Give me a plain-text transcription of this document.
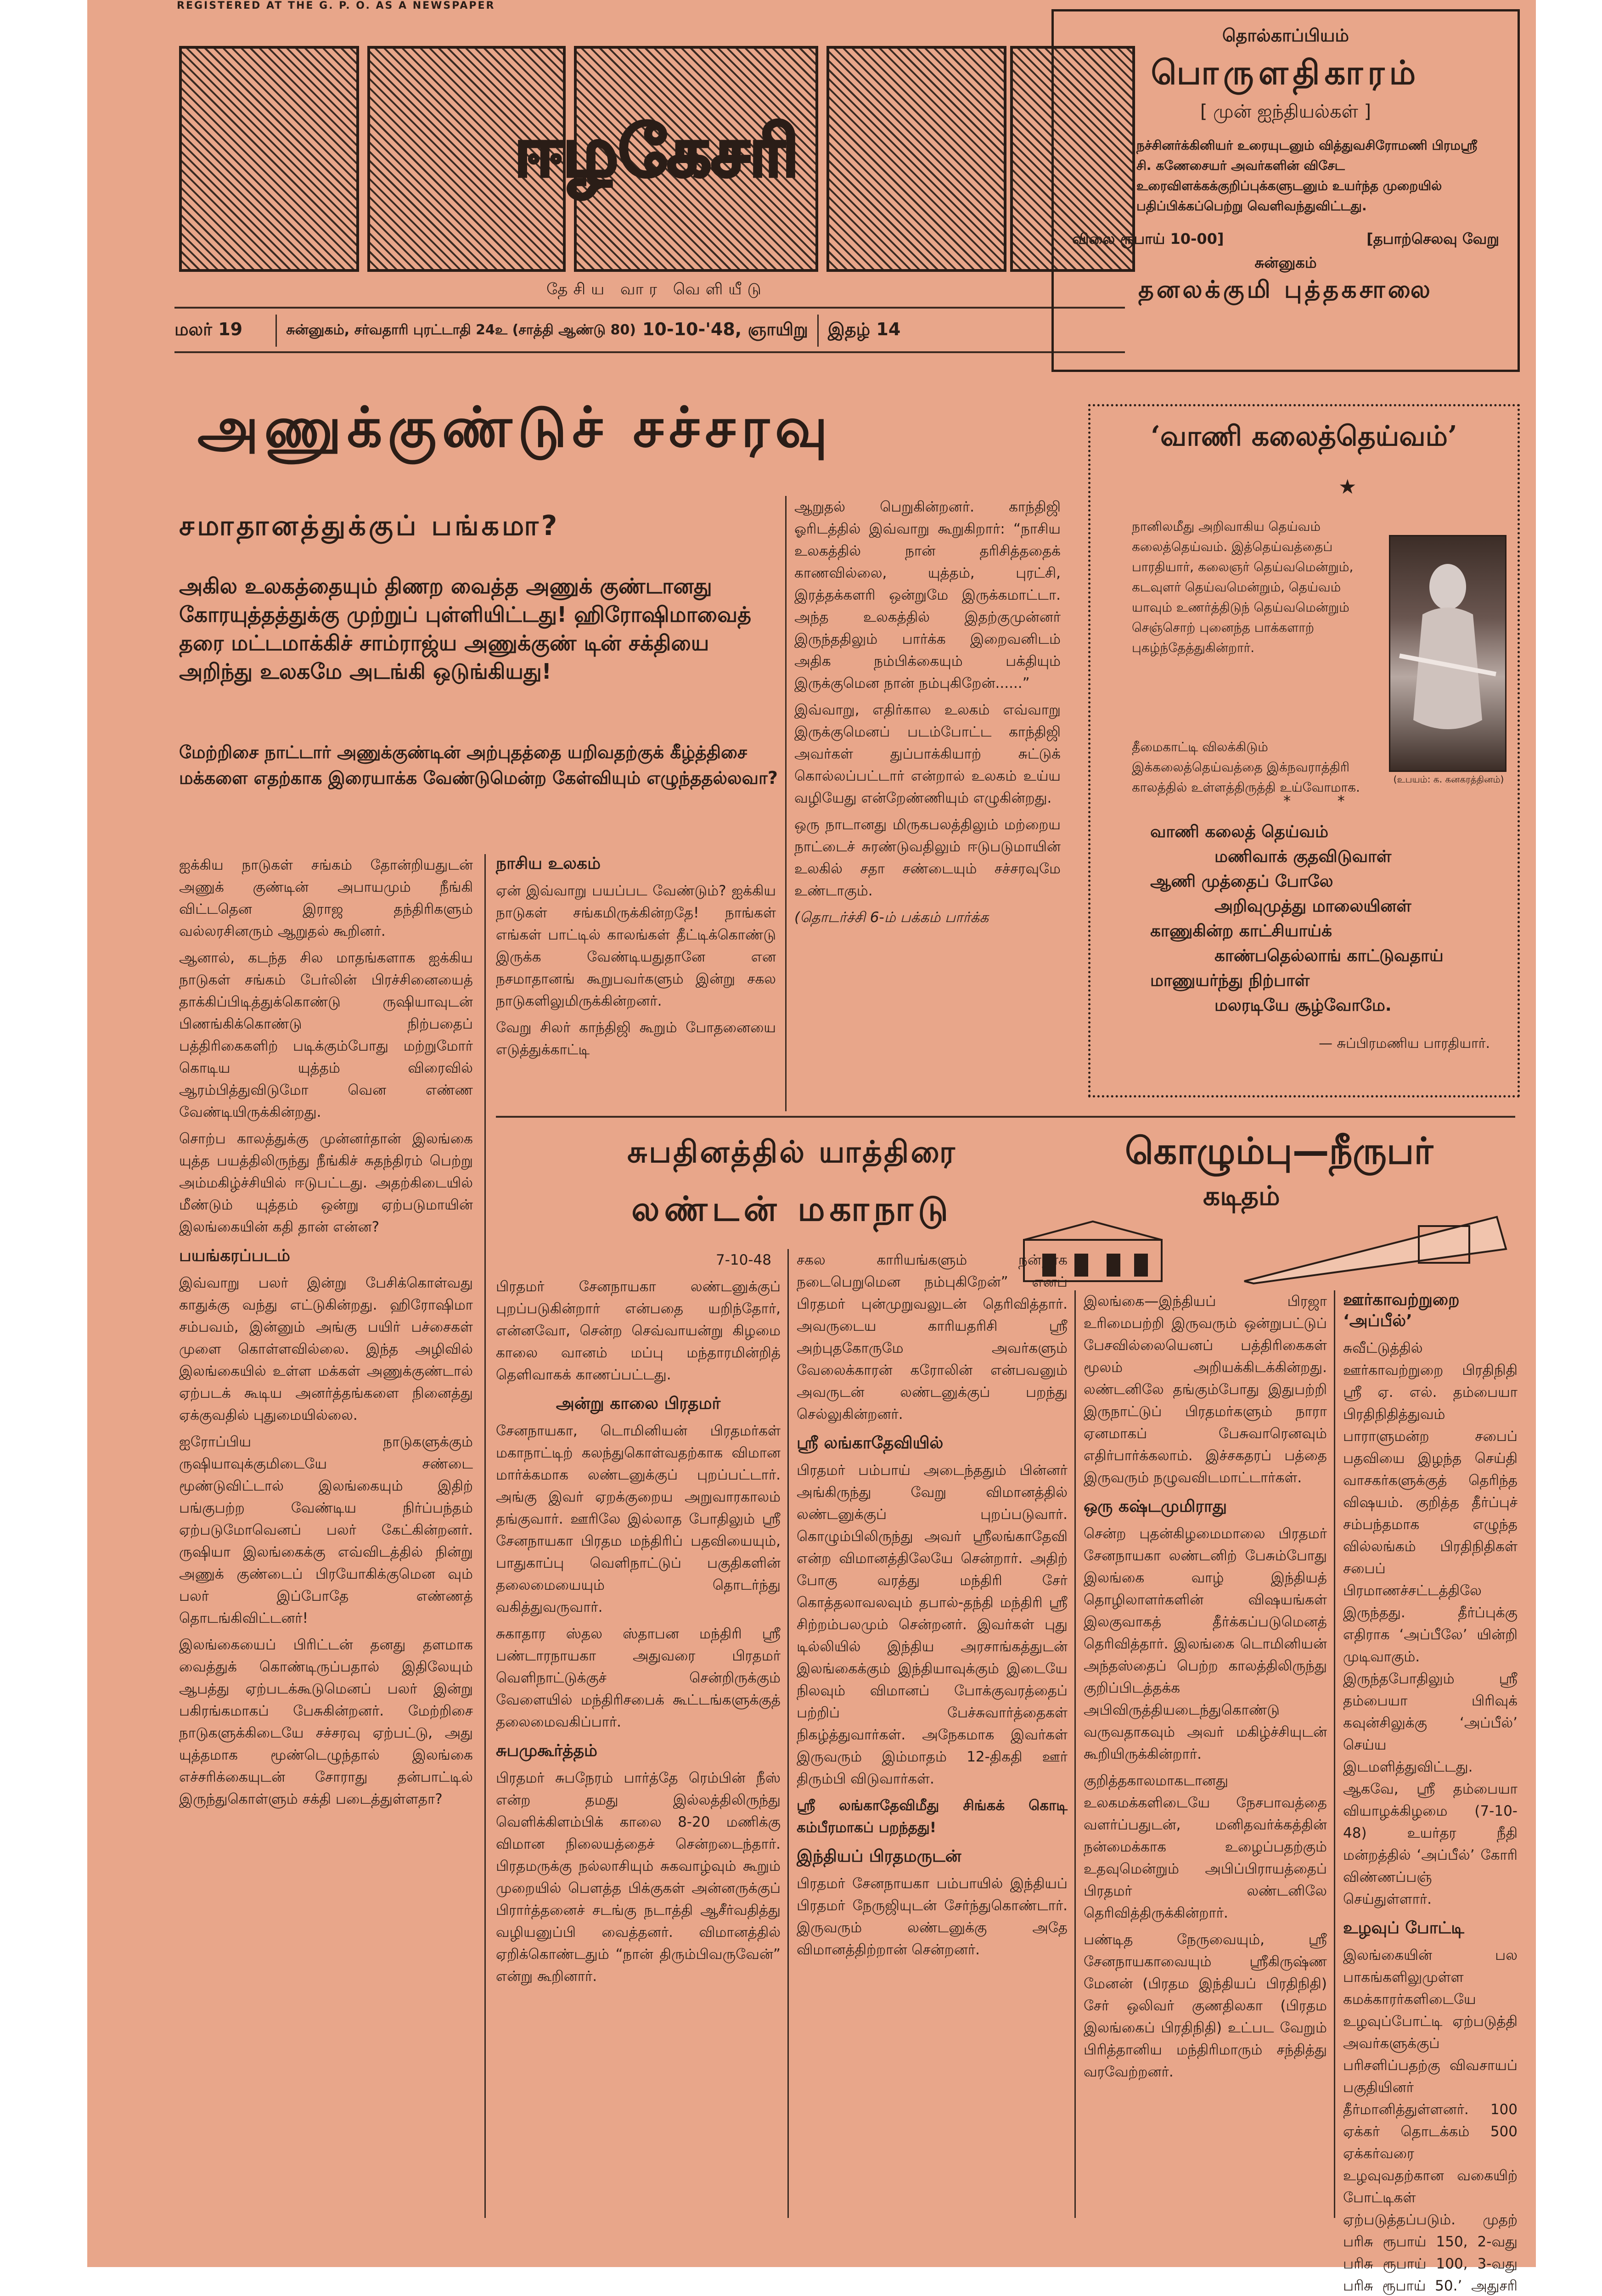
REGISTERED AT THE G. P. O. AS A NEWSPAPER
ஈழகேசரி
தேசிய வார வெளியீடு
மலர் 19	சுன்னுகம், சர்வதாரி புரட்டாதி 24உ (சாத்தி ஆண்டு 80) 10-10-'48, ஞாயிறு இதழ் 14
தொல்காப்பியம்
பொருளதிகாரம்
[ முன் ஐந்தியல்கள் ]
நச்சினர்க்கினியர் உரையுடனும் வித்துவசிரோமணி பிரமஸ்ரீ சி. கணேசையர் அவர்களின் விசேட உரைவிளக்கக்குறிப்புக்களுடனும் உயர்ந்த முறையில் பதிப்பிக்கப்பெற்று வெளிவந்துவிட்டது.
விலை ரூபாய் 10-00]	[தபாற்செலவு வேறு
சுன்னுகம்
தனலக்குமி புத்தகசாலை
அணுக்குண்டுச் சச்சரவு
சமாதானத்துக்குப் பங்கமா?
அகில உலகத்தையும் திணற வைத்த அணுக் குண்டானது கோரயுத்தத்துக்கு முற்றுப் புள்ளியிட்டது! ஹிரோஷிமாவைத் தரை மட்டமாக்கிச் சாம்ராஜ்ய அணுக்குண் டின் சக்தியை அறிந்து உலகமே அடங்கி ஒடுங்கியது!
மேற்றிசை நாட்டார் அணுக்குண்டின் அற்புதத்தை யறிவதற்குக் கீழ்த்திசை மக்களை எதற்காக இரையாக்க வேண்டுமென்ற கேள்வியும் எழுந்ததல்லவா?

ஐக்கிய நாடுகள் சங்கம் தோன்றியதுடன் அணுக் குண்டின் அபாயமும் நீங்கி விட்டதென இராஜ தந்திரிகளும் வல்லரசினரும் ஆறுதல் கூறினர்.

ஆனால், கடந்த சில மாதங்களாக ஐக்கிய நாடுகள் சங்கம் பேர்லின் பிரச்சினையைத் தாக்கிப்பிடித்துக்கொண்டு ருஷியாவுடன் பிணங்கிக்கொண்டு நிற்பதைப் பத்திரிகைகளிற் படிக்கும்போது மற்றுமோர் கொடிய யுத்தம் விரைவில் ஆரம்பித்துவிடுமோ வென எண்ண வேண்டியிருக்கின்றது.

சொற்ப காலத்துக்கு முன்னர்தான் இலங்கை யுத்த பயத்திலிருந்து நீங்கிச் சுதந்திரம் பெற்று அம்மகிழ்ச்சியில் ஈடுபட்டது. அதற்கிடையில் மீண்டும் யுத்தம் ஒன்று ஏற்படுமாயின் இலங்கையின் கதி தான் என்ன?

பயங்கரப்படம்

இவ்வாறு பலர் இன்று பேசிக்கொள்வது காதுக்கு வந்து எட்டுகின்றது. ஹிரோஷிமா சம்பவம், இன்னும் அங்கு பயிர் பச்சைகள் முளை கொள்ளவில்லை. இந்த அழிவில் இலங்கையில் உள்ள மக்கள் அணுக்குண்டால் ஏற்படக் கூடிய அனர்த்தங்களை நினைத்து ஏக்குவதில் புதுமையில்லை.

ஐரோப்பிய நாடுகளுக்கும் ருஷியாவுக்குமிடையே சண்டை மூண்டுவிட்டால் இலங்கையும் இதிற் பங்குபற்ற வேண்டிய நிர்ப்பந்தம் ஏற்படுமோவெனப் பலர் கேட்கின்றனர். ருஷியா இலங்கைக்கு எவ்விடத்தில் நின்று அணுக் குண்டைப் பிரயோகிக்குமென வும் பலர் இப்போதே எண்ணத் தொடங்கிவிட்டனர்!

இலங்கையைப் பிரிட்டன் தனது தளமாக வைத்துக் கொண்டிருப்பதால் இதிலேயும் ஆபத்து ஏற்படக்கூடுமெனப் பலர் இன்று பகிரங்கமாகப் பேசுகின்றனர். மேற்றிசை நாடுகளுக்கிடையே சச்சரவு ஏற்பட்டு, அது யுத்தமாக மூண்டெழுந்தால் இலங்கை எச்சரிக்கையுடன் சோராது தன்பாட்டில் இருந்துகொள்ளும் சக்தி படைத்துள்ளதா?

நாசிய உலகம்

ஏன் இவ்வாறு பயப்பட வேண்டும்? ஐக்கிய நாடுகள் சங்கமிருக்கின்றதே! நாங்கள் எங்கள் பாட்டில் காலங்கள் தீட்டிக்கொண்டு இருக்க வேண்டியதுதானே என நசமாதானங் கூறுபவர்களும் இன்று சகல நாடுகளிலுமிருக்கின்றனர்.

வேறு சிலர் காந்திஜி கூறும் போதனையை எடுத்துக்காட்டி

ஆறுதல் பெறுகின்றனர். காந்திஜி ஓரிடத்தில் இவ்வாறு கூறுகிறார்: “நாசிய உலகத்தில் நான் தரிசித்ததைக் காணவில்லை, யுத்தம், புரட்சி, இரத்தக்களரி ஒன்றுமே இருக்கமாட்டா. அந்த உலகத்தில் இதற்குமுன்னர் இருந்ததிலும் பார்க்க இறைவனிடம் அதிக நம்பிக்கையும் பக்தியும் இருக்குமென நான் நம்புகிறேன்......”

இவ்வாறு, எதிர்கால உலகம் எவ்வாறு இருக்குமெனப் படம்போட்ட காந்திஜி அவர்கள் துப்பாக்கியாற் சுட்டுக் கொல்லப்பட்டார் என்றால் உலகம் உய்ய வழியேது என்றேண்ணியும் எழுகின்றது.

ஒரு நாடானது மிருகபலத்திலும் மற்றைய நாட்டைச் சுரண்டுவதிலும் ஈடுபடுமாயின் உலகில் சதா சண்டையும் சச்சரவுமே உண்டாகும்.

(தொடர்ச்சி 6-ம் பக்கம் பார்க்க

‘வாணி கலைத்தெய்வம்’
★
நானிலமீது அறிவாகிய தெய்வம் கலைத்தெய்வம். இத்தெய்வத்தைப் பாரதியார், கலைஞர் தெய்வமென்றும், கடவுளர் தெய்வமென்றும், தெய்வம் யாவும் உணர்த்திடுந் தெய்வமென்றும் செஞ்சொற் புனைந்த பாக்களாற் புகழ்ந்தேத்துகின்றார்.
தீமைகாட்டி விலக்கிடும் இக்கலைத்தெய்வத்தை இக்நவராத்திரி காலத்தில் உள்ளத்திருத்தி உய்வோமாக.
(உபயம்: க. கனகரத்தினம்)
*          *
வாணி கலைத் தெய்வம்
மணிவாக் குதவிடுவாள்
ஆணி முத்தைப் போலே
அறிவுமுத்து மாலையினள்
காணுகின்ற காட்சியாய்க்
காண்பதெல்லாங் காட்டுவதாய்
மாணுயர்ந்து நிற்பாள்
மலரடியே சூழ்வோமே.
— சுப்பிரமணிய பாரதியார்.
சுபதினத்தில் யாத்திரை
லண்டன் மகாநாடு
கொழும்பு—நீருபர்
கடிதம்

7-10-48

பிரதமர் சேனநாயகா லண்டனுக்குப் புறப்படுகின்றார் என்பதை யறிந்தோர், என்னவோ, சென்ற செவ்வாயன்று கிழமை காலை வானம் மப்பு மந்தாரமின்றித் தெளிவாகக் காணப்பட்டது.

அன்று காலை பிரதமர்

சேனநாயகா, டொமினியன் பிரதமர்கள் மகாநாட்டிற் கலந்துகொள்வதற்காக விமான மார்க்கமாக லண்டனுக்குப் புறப்பட்டார். அங்கு இவர் ஏறக்குறைய அறுவாரகாலம் தங்குவார். ஊரிலே இல்லாத போதிலும் ஸ்ரீ சேனநாயகா பிரதம மந்திரிப் பதவியையும், பாதுகாப்பு வெளிநாட்டுப் பகுதிகளின் தலைமையையும் தொடர்ந்து வகித்துவருவார்.

சுகாதார ஸ்தல ஸ்தாபன மந்திரி ஸ்ரீ பண்டாரநாயகா அதுவரை பிரதமர் வெளிநாட்டுக்குச் சென்றிருக்கும் வேளையில் மந்திரிசபைக் கூட்டங்களுக்குத் தலைமைவகிப்பார்.

சுபமுகூர்த்தம்

பிரதமர் சுபநேரம் பார்த்தே ரெம்பின் நீஸ் என்ற தமது இல்லத்திலிருந்து வெளிக்கிளம்பிக் காலை 8-20 மணிக்கு விமான நிலையத்தைச் சென்றடைந்தார். பிரதமருக்கு நல்லாசியும் சுகவாழ்வும் கூறும் முறையில் பௌத்த பிக்குகள் அன்னருக்குப் பிரார்த்தனைச் சடங்கு நடாத்தி ஆசீர்வதித்து வழியனுப்பி வைத்தனர். விமானத்தில் ஏறிக்கொண்டதும் “நான் திரும்பிவருவேன்” என்று கூறினார்.

சகல காரியங்களும் நன்றாக நடைபெறுமென நம்புகிறேன்” எனப் பிரதமர் புன்முறுவலுடன் தெரிவித்தார். அவருடைய காரியதரிசி ஸ்ரீ அற்புதகோருமே அவர்களும் வேலைக்காரன் கரோலின் என்பவனும் அவருடன் லண்டனுக்குப் பறந்து செல்லுகின்றனர்.

ஸ்ரீ லங்காதேவியில்

பிரதமர் பம்பாய் அடைந்ததும் பின்னர் அங்கிருந்து வேறு விமானத்தில் லண்டனுக்குப் புறப்படுவார். கொழும்பிலிருந்து அவர் ஸ்ரீலங்காதேவி என்ற விமானத்திலேயே சென்றார். அதிற் போகு வரத்து மந்திரி சேர் கொத்தலாவலவும் தபால்-தந்தி மந்திரி ஸ்ரீ சிற்றம்பலமும் சென்றனர். இவர்கள் புது டில்லியில் இந்திய அரசாங்கத்துடன் இலங்கைக்கும் இந்தியாவுக்கும் இடையே நிலவும் விமானப் போக்குவரத்தைப் பற்றிப் பேச்சுவார்த்தைகள் நிகழ்த்துவார்கள். அநேகமாக இவர்கள் இருவரும் இம்மாதம் 12-திகதி ஊர் திரும்பி விடுவார்கள்.

ஸ்ரீ லங்காதேவிமீது சிங்கக் கொடி கம்பீரமாகப் பறந்தது!

இந்தியப் பிரதமருடன்

பிரதமர் சேனநாயகா பம்பாயில் இந்தியப் பிரதமர் நேருஜியுடன் சேர்ந்துகொண்டார். இருவரும் லண்டனுக்கு அதே விமானத்திற்றான் சென்றனர்.

இலங்கை—இந்தியப் பிரஜா உரிமைபற்றி இருவரும் ஒன்றுபட்டுப் பேசவில்லையெனப் பத்திரிகைகள் மூலம் அறியக்கிடக்கின்றது. லண்டனிலே தங்கும்போது இதுபற்றி இருநாட்டுப் பிரதமர்களும் நாரா ஏனமாகப் பேசுவாரெனவும் எதிர்பார்க்கலாம். இச்சகதரப் பத்தை இருவரும் நழுவவிடமாட்டார்கள்.

ஒரு கஷ்டமுமிராது

சென்ற புதன்கிழமைமாலை பிரதமர் சேனநாயகா லண்டனிற் பேசும்போது இலங்கை வாழ் இந்தியத் தொழிலாளர்களின் விஷயங்கள் இலகுவாகத் தீர்க்கப்படுமெனத் தெரிவித்தார். இலங்கை டொமினியன் அந்தஸ்தைப் பெற்ற காலத்திலிருந்து குறிப்பிடத்தக்க அபிவிருத்தியடைந்துகொண்டு வருவதாகவும் அவர் மகிழ்ச்சியுடன் கூறியிருக்கின்றார்.

குறித்தகாலமாகடானது உலகமக்களிடையே நேசபாவத்தை வளர்ப்பதுடன், மனிதவர்க்கத்தின் நன்மைக்காக உழைப்பதற்கும் உதவுமென்றும் அபிப்பிராயத்தைப் பிரதமர் லண்டனிலே தெரிவித்திருக்கின்றார்.

பண்டித நேருவையும், ஸ்ரீ சேனநாயகாவையும் ஸ்ரீகிருஷ்ண மேனன் (பிரதம இந்தியப் பிரதிநிதி) சேர் ஒலிவர் குணதிலகா (பிரதம இலங்கைப் பிரதிநிதி) உட்பட வேறும் பிரித்தானிய மந்திரிமாரும் சந்தித்து வரவேற்றனர்.

ஊர்காவற்றுறை ‘அப்பீல்’

சுவீட்டுத்தில் ஊர்காவற்றுறை பிரதிநிதி ஸ்ரீ ஏ. எல். தம்பையா பிரதிநிதித்துவம் பாராளுமன்ற சபைப் பதவியை இழந்த செய்தி வாசகர்களுக்குத் தெரிந்த விஷயம். குறித்த தீர்ப்புச் சம்பந்தமாக எழுந்த வில்லங்கம் பிரதிநிதிகள் சபைப் பிரமாணச்சட்டத்திலே இருந்தது. தீர்ப்புக்கு எதிராக ‘அப்பீலே’ யின்றி முடிவாகும். இருந்தபோதிலும் ஸ்ரீ தம்பையா பிரிவுக் கவுன்சிலுக்கு ‘அப்பீல்’ செய்ய இடமளித்துவிட்டது. ஆகவே, ஸ்ரீ தம்பையா வியாழக்கிழமை (7-10-48) உயர்தர நீதி மன்றத்தில் ‘அப்பீல்’ கோரி விண்ணப்பஞ் செய்துள்ளார்.

உழவுப் போட்டி

இலங்கையின் பல பாகங்களிலுமுள்ள கமக்காரர்களிடையே உழவுப்போட்டி ஏற்படுத்தி அவர்களுக்குப் பரிசளிப்பதற்கு விவசாயப் பகுதியினர் தீர்மானித்துள்ளனர். 100 ஏக்கர் தொடக்கம் 500 ஏக்கர்வரை உழவுவதற்கான வகையிற் போட்டிகள் ஏற்படுத்தப்படும். முதற் பரிசு ரூபாய் 150, 2-வது பரிசு ரூபாய் 100, 3-வது பரிசு ரூபாய் 50.’ அதுசரி
